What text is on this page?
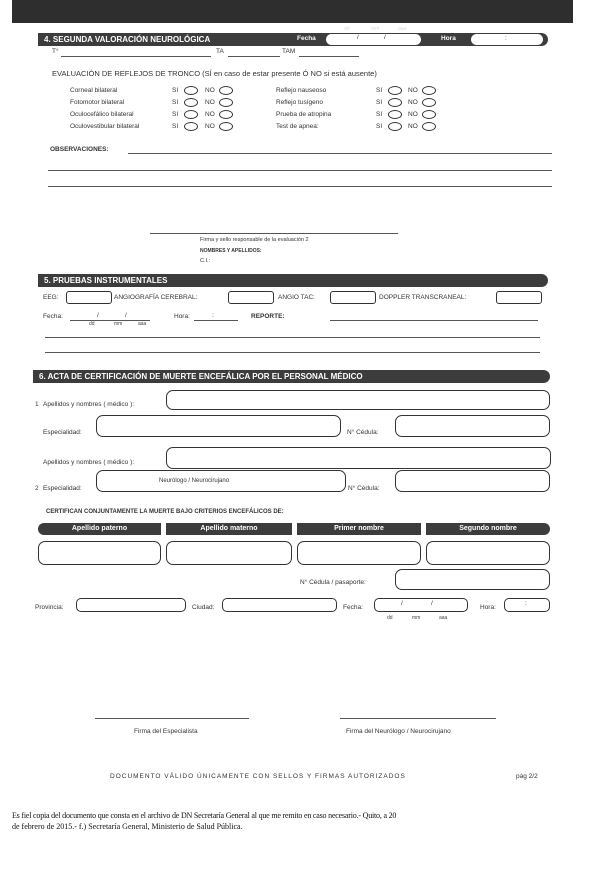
4. SEGUNDA VALORACIÓN NEUROLÓGICA	Fecha	/	/
dd	mm	aaa
Hora	:
T°	TA	TAM
EVALUACIÓN DE REFLEJOS DE TRONCO (SÍ en caso de estar presente Ó NO si está ausente)
Corneal bilateral	SI	NO
Fotomotor bilateral	SI	NO
Oculocefálico bilateral	SI	NO
Oculovestibular bilateral	SI	NO
Reflejo nauseoso	SI	NO
Reflejo tusígeno	SI	NO
Prueba de atropina	SI	NO
Test de apnea:	SI	NO
OBSERVACIONES:
Firma y sello responsable de la evaluación 2
NOMBRES Y APELLIDOS:
C.I.:
5. PRUEBAS INSTRUMENTALES
EEG:	ANGIOGRAFÍA CEREBRAL:	ANGIO TAC:	DOPPLER TRANSCRANEAL:
Fecha:	/	/
dd	mm	aaa
Hora:	:	REPORTE:
6. ACTA DE CERTIFICACIÓN DE MUERTE ENCEFÁLICA POR EL PERSONAL MÉDICO
1 Apellidos y nombres ( médico ):
Especialidad:	N° Cédula:
Apellidos y nombres ( médico ):
2 Especialidad:
Neurólogo / Neurocirujano
N° Cédula:
CERTIFICAN CONJUNTAMENTE LA MUERTE BAJO CRITERIOS ENCEFÁLICOS DE:
Apellido paterno	Apellido materno	Primer nombre	Segundo nombre
N° Cédula / pasaporte:
Provincia:	Ciudad:	Fecha:
/	/
dd	mm	aaa
Hora:
:
Firma del Especialista	Firma del Neurólogo / Neurocirujano
DOCUMENTO VÁLIDO ÚNICAMENTE CON SELLOS Y FIRMAS AUTORIZADOS	pág 2/2
Es fiel copia del documento que consta en el archivo de DN Secretaría General al que me remito en caso necesario.- Quito, a 20
de febrero de 2015.- f.) Secretaría General, Ministerio de Salud Pública.
